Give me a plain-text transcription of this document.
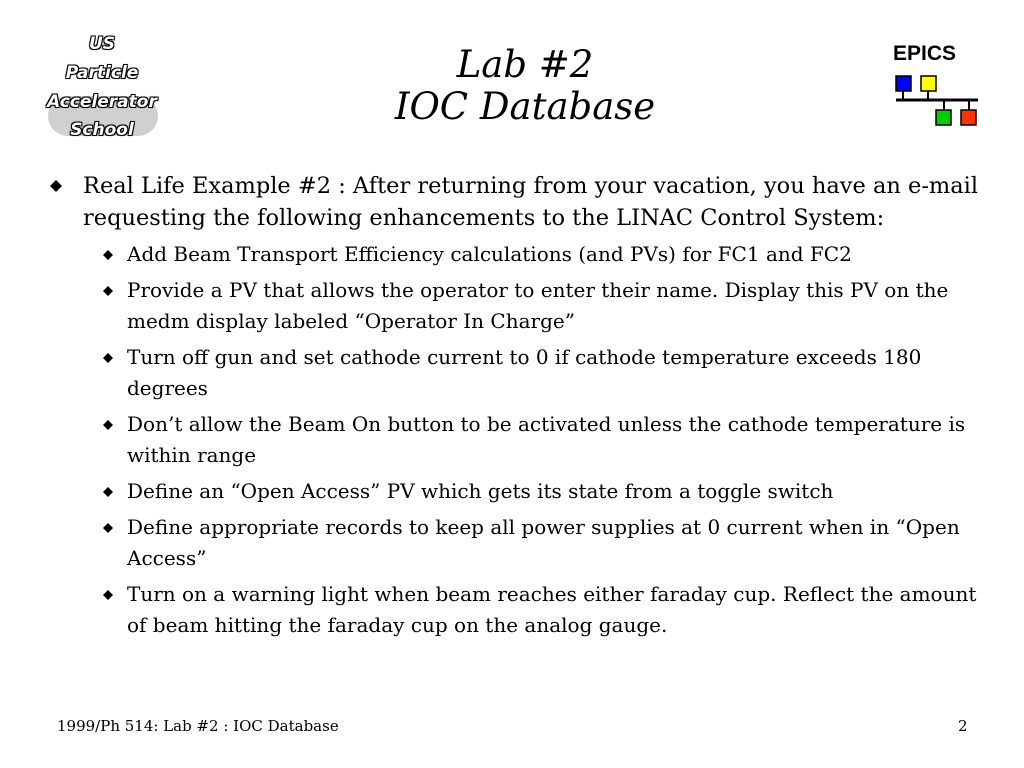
US
Particle
Accelerator
School
Lab #2
IOC Database
EPICS
Real Life Example #2 : After returning from your vacation, you have an e-mail requesting the following enhancements to the LINAC Control System:
Add Beam Transport Efficiency calculations (and PVs) for FC1 and FC2
Provide a PV that allows the operator to enter their name. Display this PV on the medm display labeled “Operator In Charge”
Turn off gun and set cathode current to 0 if cathode temperature exceeds 180 degrees
Don’t allow the Beam On button to be activated unless the cathode temperature is within range
Define an “Open Access” PV which gets its state from a toggle switch
Define appropriate records to keep all power supplies at 0 current when in “Open Access”
Turn on a warning light when beam reaches either faraday cup. Reflect the amount of beam hitting the faraday cup on the analog gauge.
1999/Ph 514: Lab #2 : IOC Database	2
